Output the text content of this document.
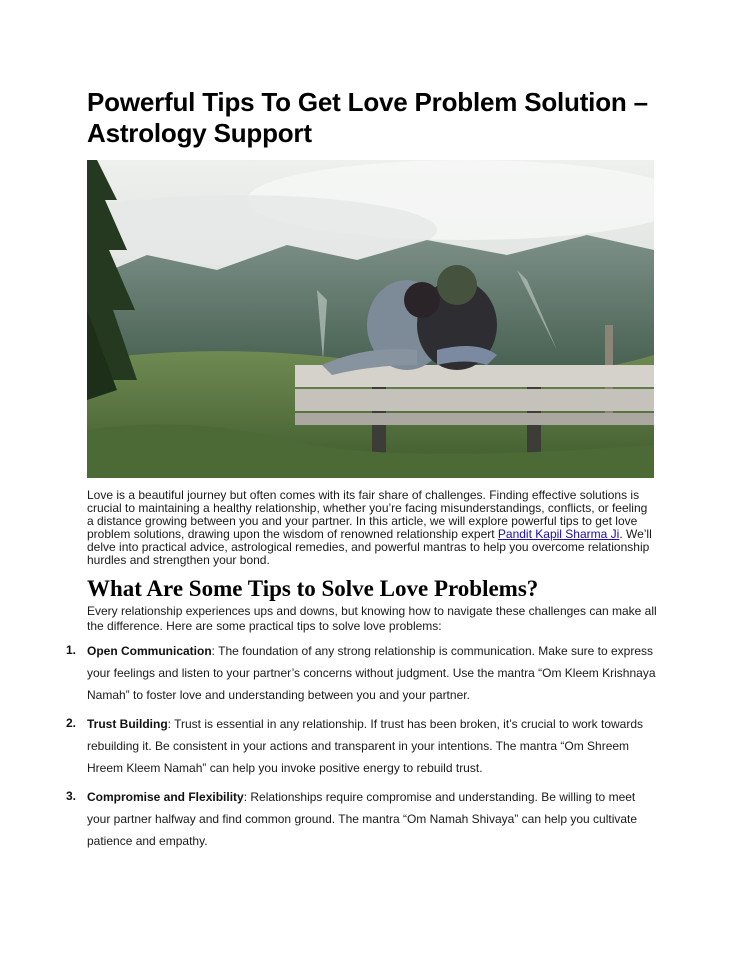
Powerful Tips To Get Love Problem Solution – Astrology Support

Love is a beautiful journey but often comes with its fair share of challenges. Finding effective solutions is crucial to maintaining a healthy relationship, whether you’re facing misunderstandings, conflicts, or feeling a distance growing between you and your partner. In this article, we will explore powerful tips to get love problem solutions, drawing upon the wisdom of renowned relationship expert Pandit Kapil Sharma Ji. We’ll delve into practical advice, astrological remedies, and powerful mantras to help you overcome relationship hurdles and strengthen your bond.

What Are Some Tips to Solve Love Problems?

Every relationship experiences ups and downs, but knowing how to navigate these challenges can make all the difference. Here are some practical tips to solve love problems:

1. Open Communication: The foundation of any strong relationship is communication. Make sure to express your feelings and listen to your partner’s concerns without judgment. Use the mantra “Om Kleem Krishnaya Namah” to foster love and understanding between you and your partner.
2. Trust Building: Trust is essential in any relationship. If trust has been broken, it’s crucial to work towards rebuilding it. Be consistent in your actions and transparent in your intentions. The mantra “Om Shreem Hreem Kleem Namah” can help you invoke positive energy to rebuild trust.
3. Compromise and Flexibility: Relationships require compromise and understanding. Be willing to meet your partner halfway and find common ground. The mantra “Om Namah Shivaya” can help you cultivate patience and empathy.
